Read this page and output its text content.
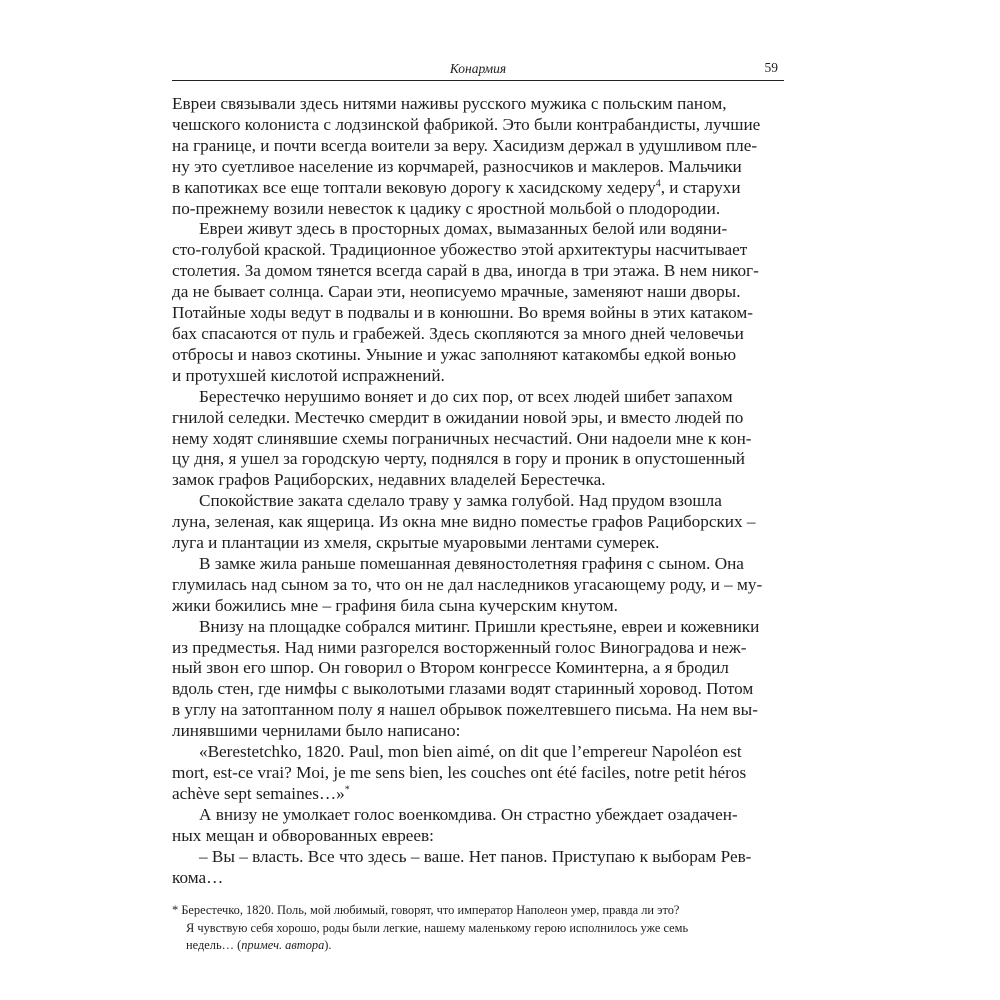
Конармия	59
Евреи связывали здесь нитями наживы русского мужика с польским паном,
чешского колониста с лодзинской фабрикой. Это были контрабандисты, лучшие
на границе, и почти всегда воители за веру. Хасидизм держал в удушливом пле-
ну это суетливое население из корчмарей, разносчиков и маклеров. Мальчики
в капотиках все еще топтали вековую дорогу к хасидскому хедеру$^4$, и старухи
по-прежнему возили невесток к цадику с яростной мольбой о плодородии.
Евреи живут здесь в просторных домах, вымазанных белой или водяни-
сто-голубой краской. Традиционное убожество этой архитектуры насчитывает
столетия. За домом тянется всегда сарай в два, иногда в три этажа. В нем никог-
да не бывает солнца. Сараи эти, неописуемо мрачные, заменяют наши дворы.
Потайные ходы ведут в подвалы и в конюшни. Во время войны в этих катаком-
бах спасаются от пуль и грабежей. Здесь скопляются за много дней человечьи
отбросы и навоз скотины. Уныние и ужас заполняют катакомбы едкой вонью
и протухшей кислотой испражнений.
Берестечко нерушимо воняет и до сих пор, от всех людей шибет запахом
гнилой селедки. Местечко смердит в ожидании новой эры, и вместо людей по
нему ходят слинявшие схемы пограничных несчастий. Они надоели мне к кон-
цу дня, я ушел за городскую черту, поднялся в гору и проник в опустошенный
замок графов Рациборских, недавних владелей Берестечка.
Спокойствие заката сделало траву у замка голубой. Над прудом взошла
луна, зеленая, как ящерица. Из окна мне видно поместье графов Рациборских –
луга и плантации из хмеля, скрытые муаровыми лентами сумерек.
В замке жила раньше помешанная девяностолетняя графиня с сыном. Она
глумилась над сыном за то, что он не дал наследников угасающему роду, и – му-
жики божились мне – графиня била сына кучерским кнутом.
Внизу на площадке собрался митинг. Пришли крестьяне, евреи и кожевники
из предместья. Над ними разгорелся восторженный голос Виноградова и неж-
ный звон его шпор. Он говорил о Втором конгрессе Коминтерна, а я бродил
вдоль стен, где нимфы с выколотыми глазами водят старинный хоровод. Потом
в углу на затоптанном полу я нашел обрывок пожелтевшего письма. На нем вы-
линявшими чернилами было написано:
«Berestetchko, 1820. Paul, mon bien aimé, on dit que l’empereur Napoléon est
mort, est-ce vrai? Moi, je me sens bien, les couches ont été faciles, notre petit héros
achève sept semaines…»*
А внизу не умолкает голос военкомдива. Он страстно убеждает озадачен-
ных мещан и обворованных евреев:
– Вы – власть. Все что здесь – ваше. Нет панов. Приступаю к выборам Рев-
кома…
* Берестечко, 1820. Поль, мой любимый, говорят, что император Наполеон умер, правда ли это?
Я чувствую себя хорошо, роды были легкие, нашему маленькому герою исполнилось уже семь
недель… (примеч. автора).
